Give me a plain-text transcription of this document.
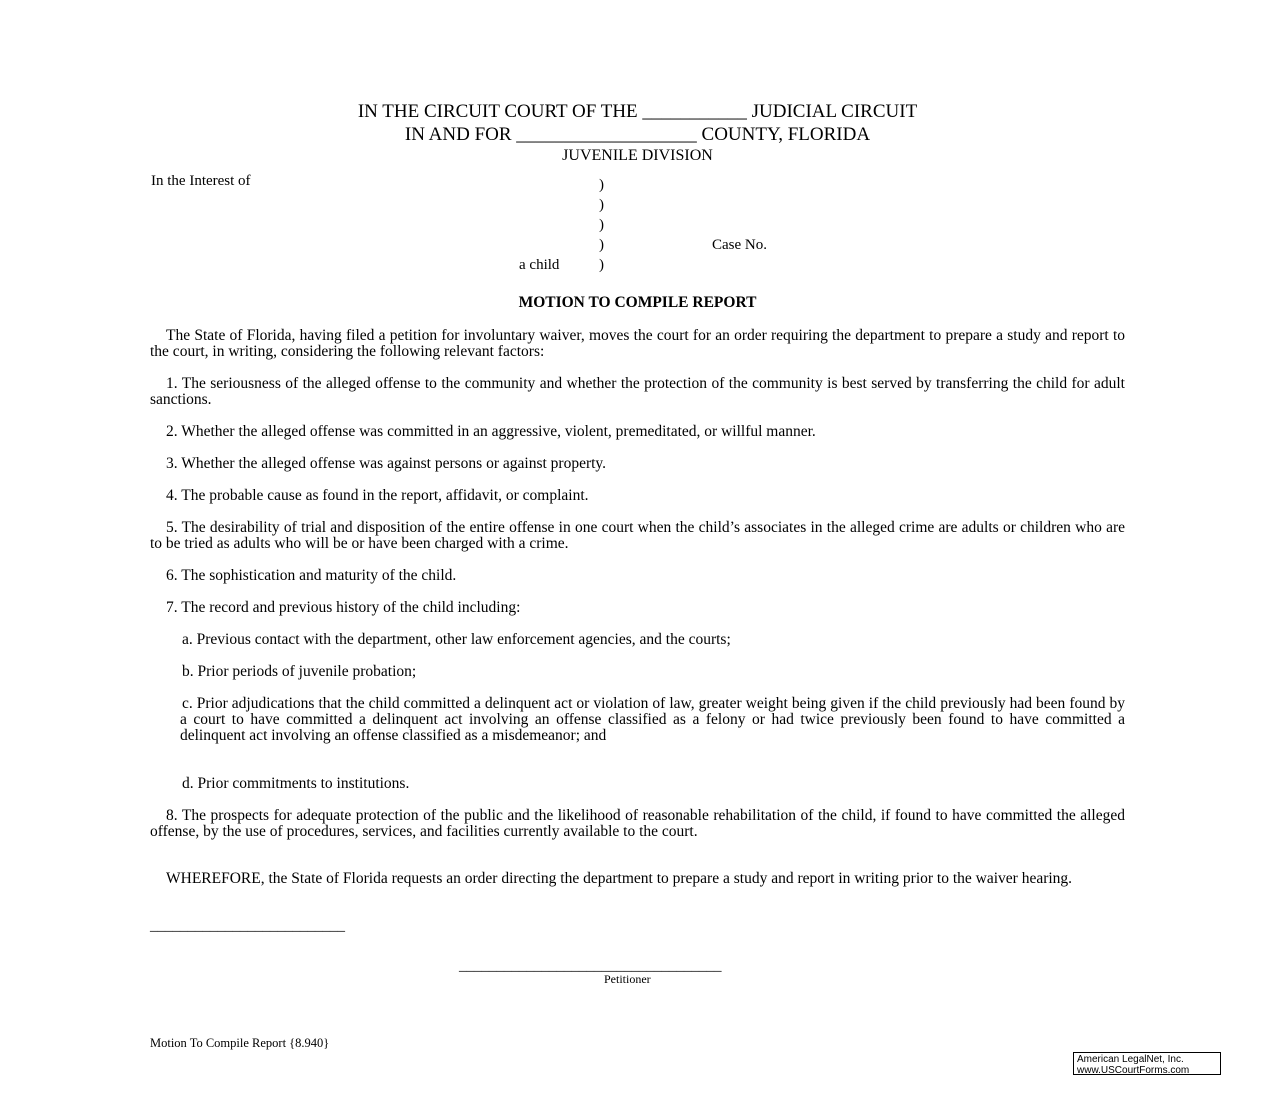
IN THE CIRCUIT COURT OF THE ___________ JUDICIAL CIRCUIT
IN AND FOR ___________________ COUNTY, FLORIDA
JUVENILE DIVISION
In the Interest of	)
)
)
)
)
Case No.
a child
MOTION TO COMPILE REPORT
The State of Florida, having filed a petition for involuntary waiver, moves the court for an order requiring the department to prepare a study and report to the court, in writing, considering the following relevant factors:
1. The seriousness of the alleged offense to the community and whether the protection of the community is best served by transferring the child for adult sanctions.
2. Whether the alleged offense was committed in an aggressive, violent, premeditated, or willful manner.
3. Whether the alleged offense was against persons or against property.
4. The probable cause as found in the report, affidavit, or complaint.
5. The desirability of trial and disposition of the entire offense in one court when the child’s associates in the alleged crime are adults or children who are to be tried as adults who will be or have been charged with a crime.
6. The sophistication and maturity of the child.
7. The record and previous history of the child including:
a. Previous contact with the department, other law enforcement agencies, and the courts;
b. Prior periods of juvenile probation;
c. Prior adjudications that the child committed a delinquent act or violation of law, greater weight being given if the child previously had been found by a court to have committed a delinquent act involving an offense classified as a felony or had twice previously been found to have committed a delinquent act involving an offense classified as a misdemeanor; and
d. Prior commitments to institutions.
8. The prospects for adequate protection of the public and the likelihood of reasonable rehabilitation of the child, if found to have committed the alleged offense, by the use of procedures, services, and facilities currently available to the court.
WHEREFORE, the State of Florida requests an order directing the department to prepare a study and report in writing prior to the waiver hearing.
__________________________
___________________________________
Petitioner
Motion To Compile Report {8.940}
American LegalNet, Inc.
www.USCourtForms.com
